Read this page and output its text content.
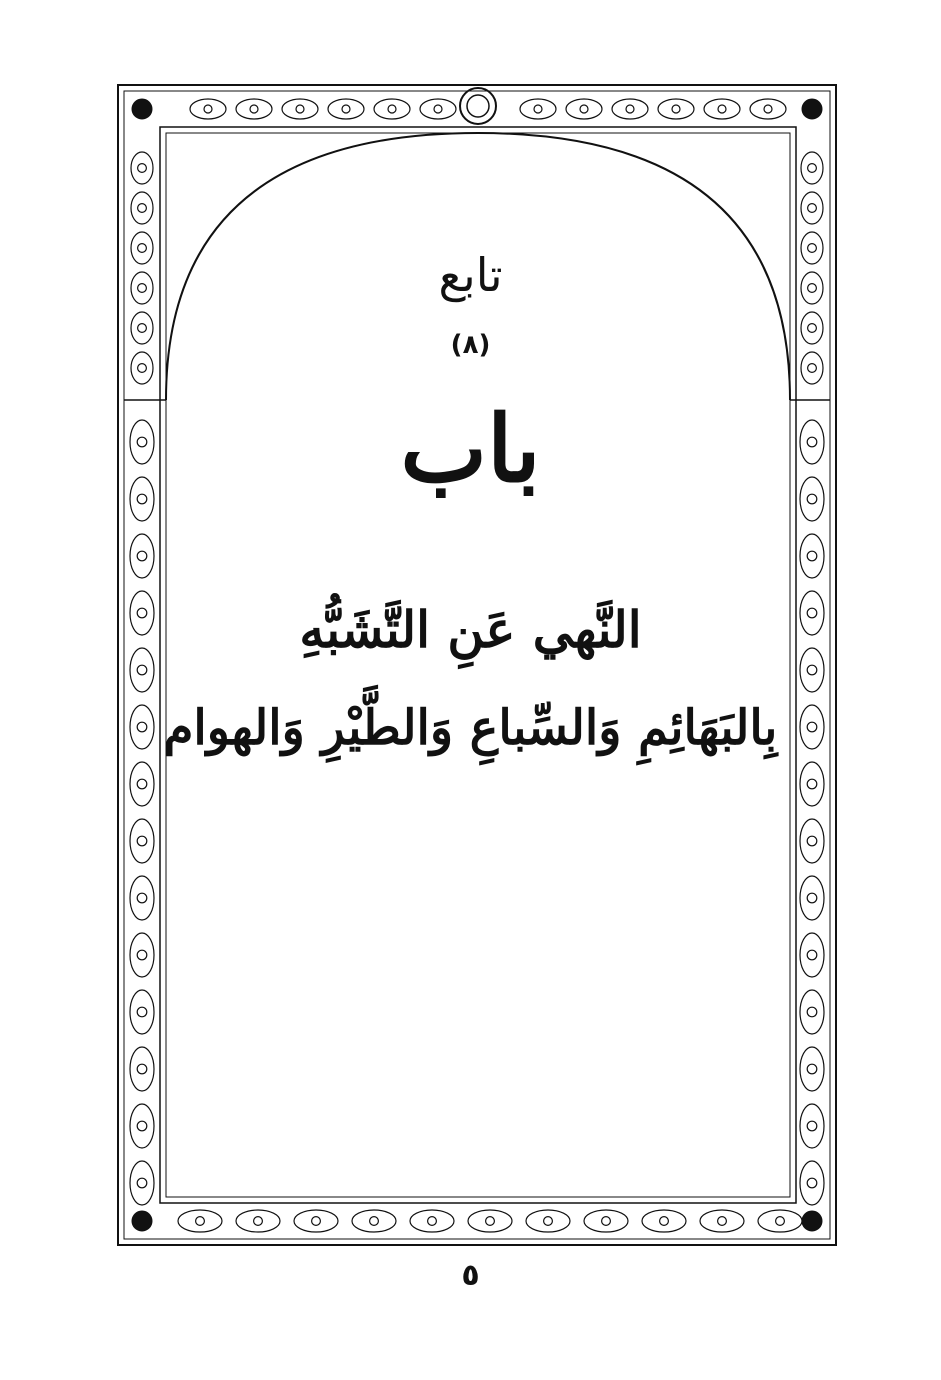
تابع
(٨)
باب
النَّهي عَنِ التَّشَبُّهِ
بِالبَهَائِمِ وَالسِّباعِ وَالطَّيْرِ وَالهوام
٥
